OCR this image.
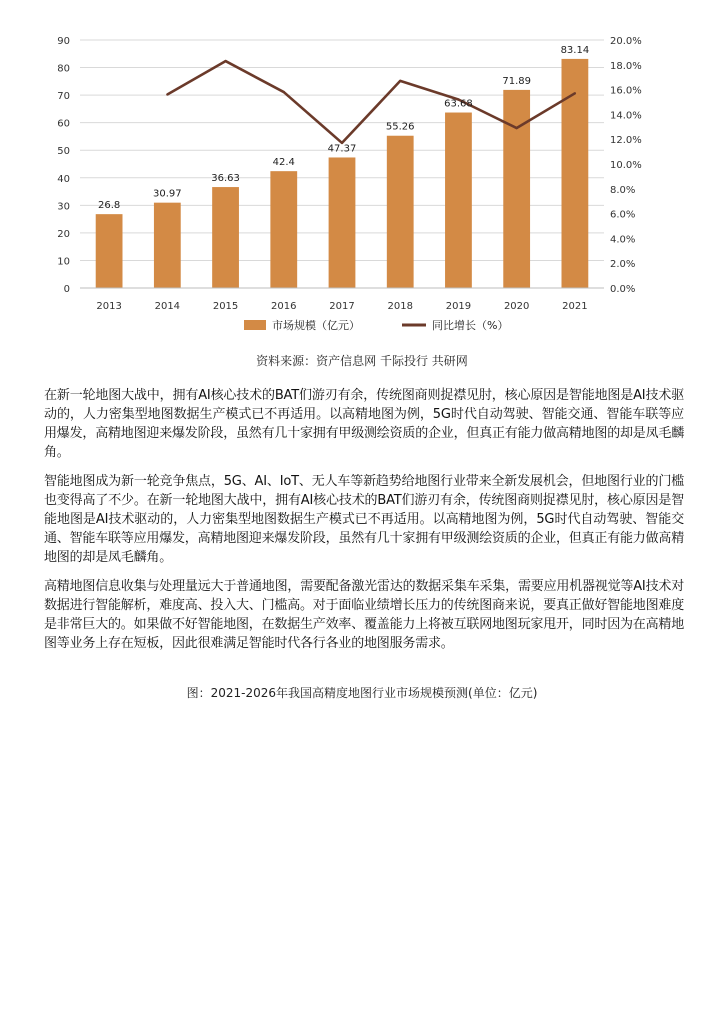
26.8
30.97
36.63
42.4
47.37
55.26
63.68
71.89
83.14
0
10
20
30
40
50
60
70
80
90
0.0%
2.0%
4.0%
6.0%
8.0%
10.0%
12.0%
14.0%
16.0%
18.0%
20.0%
2013	2014	2015	2016	2017	2018	2019	2020	2021
市场规模（亿元）	同比增长（%）
资料来源：资产信息网 千际投行 共研网

在新一轮地图大战中，拥有AI核心技术的BAT们游刃有余，传统图商则捉襟见肘，核心原因是智能地图是AI技术驱动的，人力密集型地图数据生产模式已不再适用。以高精地图为例，5G时代自动驾驶、智能交通、智能车联等应用爆发，高精地图迎来爆发阶段，虽然有几十家拥有甲级测绘资质的企业，但真正有能力做高精地图的却是凤毛麟角。

智能地图成为新一轮竞争焦点，5G、AI、IoT、无人车等新趋势给地图行业带来全新发展机会，但地图行业的门槛也变得高了不少。在新一轮地图大战中，拥有AI核心技术的BAT们游刃有余，传统图商则捉襟见肘，核心原因是智能地图是AI技术驱动的，人力密集型地图数据生产模式已不再适用。以高精地图为例，5G时代自动驾驶、智能交通、智能车联等应用爆发，高精地图迎来爆发阶段，虽然有几十家拥有甲级测绘资质的企业，但真正有能力做高精地图的却是凤毛麟角。

高精地图信息收集与处理量远大于普通地图，需要配备激光雷达的数据采集车采集，需要应用机器视觉等AI技术对数据进行智能解析，难度高、投入大、门槛高。对于面临业绩增长压力的传统图商来说，要真正做好智能地图难度是非常巨大的。如果做不好智能地图，在数据生产效率、覆盖能力上将被互联网地图玩家甩开，同时因为在高精地图等业务上存在短板，因此很难满足智能时代各行各业的地图服务需求。

图：2021-2026年我国高精度地图行业市场规模预测(单位：亿元)
